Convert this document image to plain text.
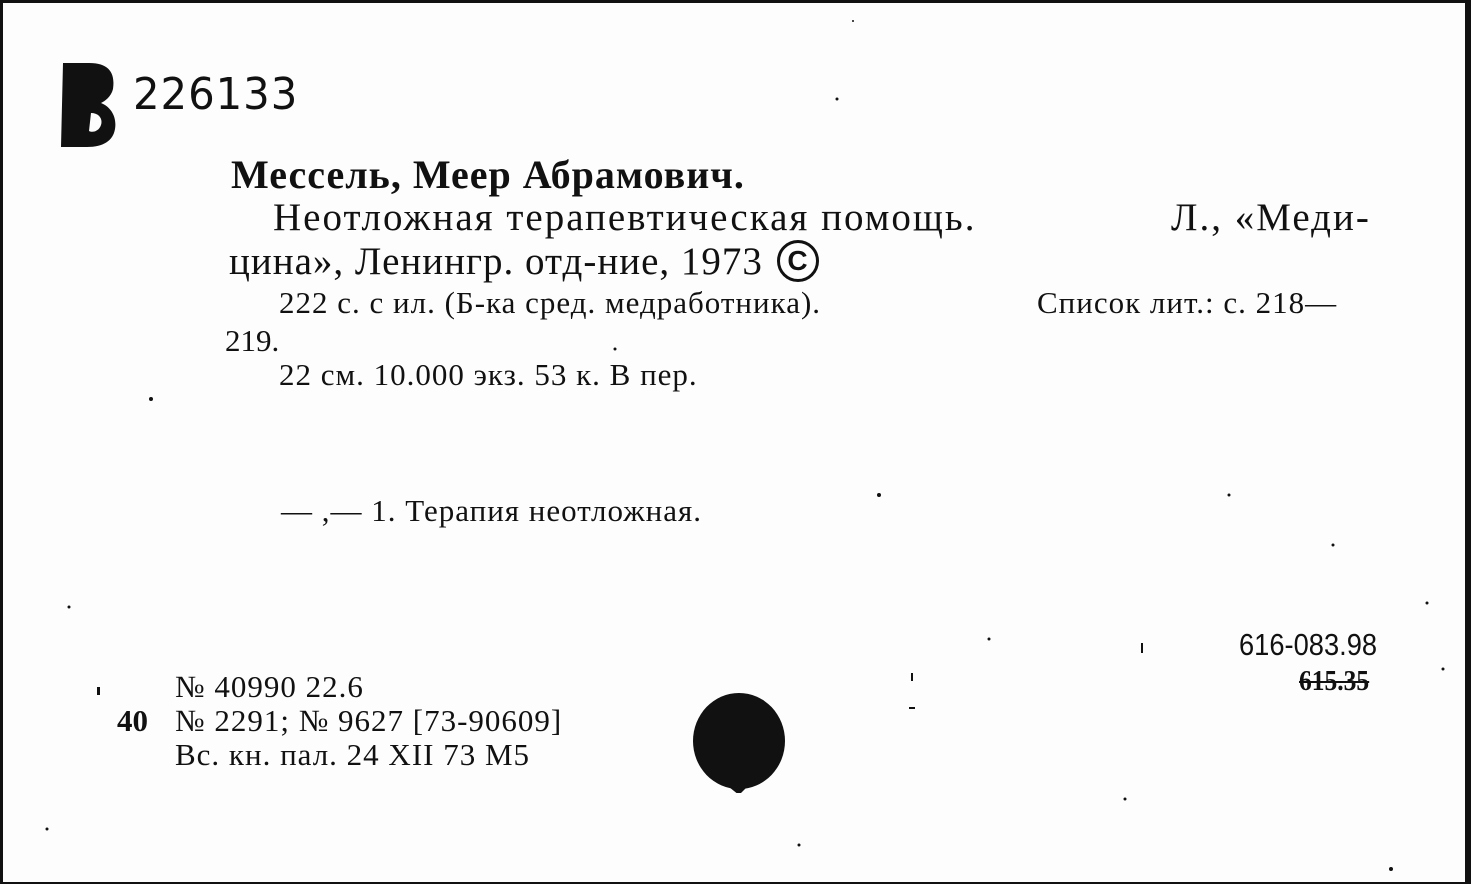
226133
Мессель, Меер Абрамович.
Неотложная терапевтическая помощь.	Л., «Меди-
цина», Ленингр. отд-ние, 1973 C
222 с. с ил. (Б-ка сред. медработника).	Список лит.: с. 218—
219.
22 см. 10.000 экз. 53 к. В пер.
— ,— 1. Терапия неотложная.
616-083.98
615.35
40
№ 40990 22.6
№ 2291; № 9627 [73-90609]
Вс. кн. пал. 24 XII 73 М5
